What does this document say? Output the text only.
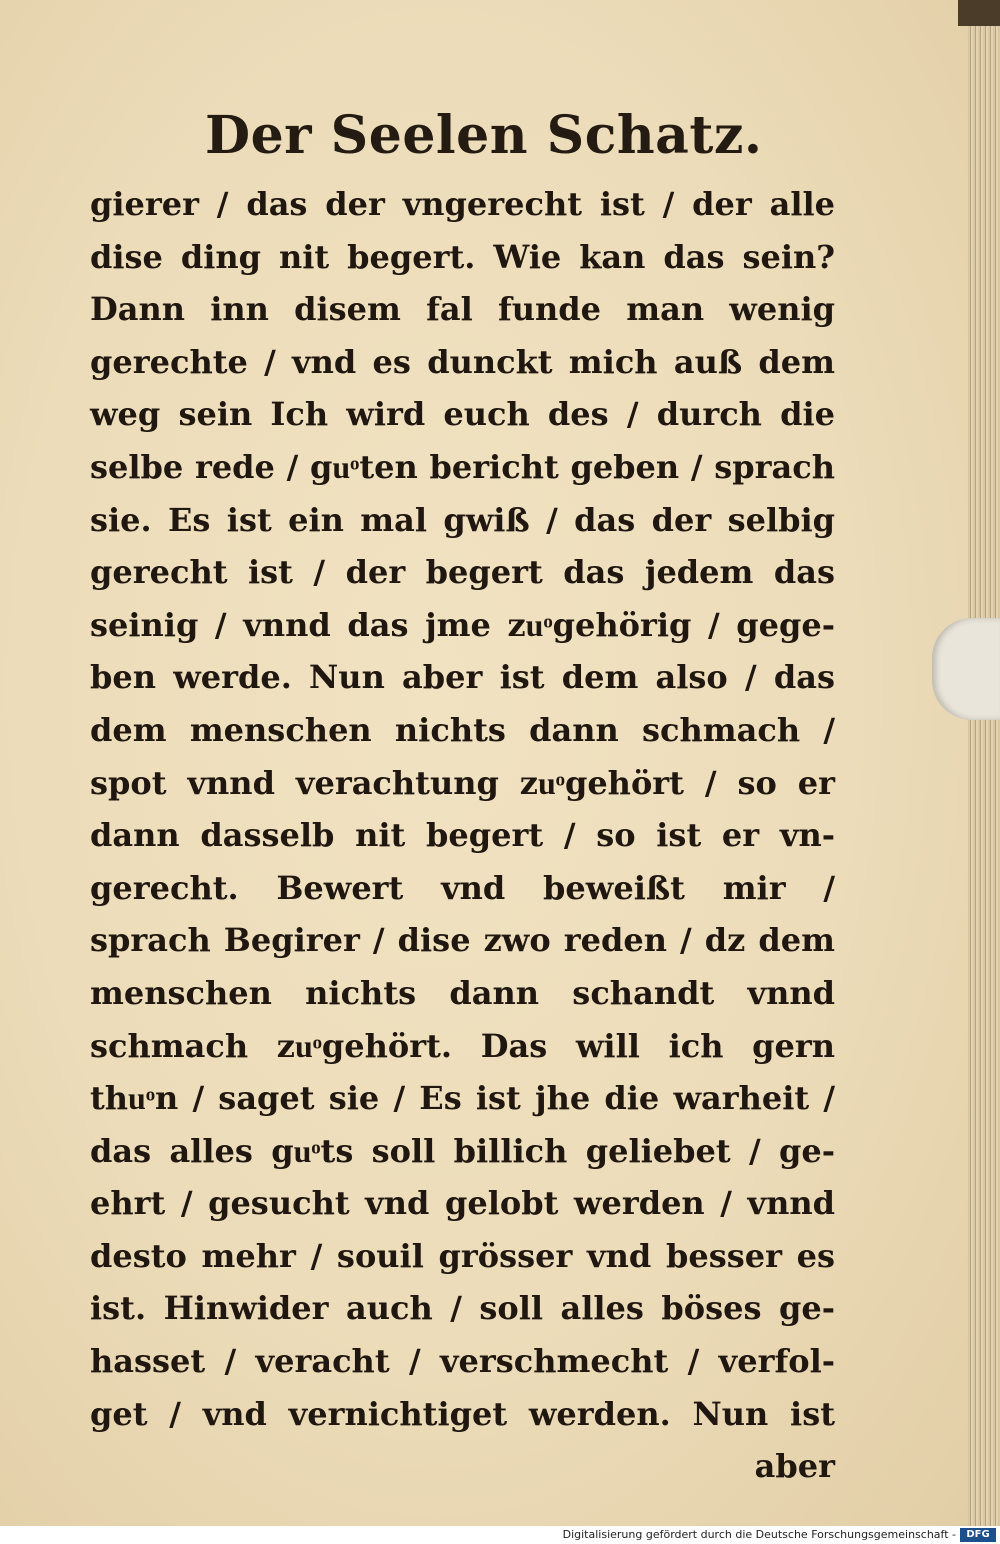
Der Seelen Schatz.
gierer / das der vngerecht ist / der alle
dise ding nit begert. Wie kan das sein?
Dann inn disem fal funde man wenig
gerechte / vnd es dunckt mich auß dem
weg sein Ich wird euch des / durch die
selbe rede / guͦten bericht geben / sprach
sie. Es ist ein mal gwiß / das der selbig
gerecht ist / der begert das jedem das
seinig / vnnd das jme zuͦgehörig / gege-
ben werde. Nun aber ist dem also / das
dem menschen nichts dann schmach /
spot vnnd verachtung zuͦgehört / so er
dann dasselb nit begert / so ist er vn-
gerecht. Bewert vnd beweißt mir /
sprach Begirer / dise zwo reden / dz dem
menschen nichts dann schandt vnnd
schmach zuͦgehört. Das will ich gern
thuͦn / saget sie / Es ist jhe die warheit /
das alles guͦts soll billich geliebet / ge-
ehrt / gesucht vnd gelobt werden / vnnd
desto mehr / souil grösser vnd besser es
ist. Hinwider auch / soll alles böses ge-
hasset / veracht / verschmecht / verfol-
get / vnd vernichtiget werden. Nun ist
aber
Digitalisierung gefördert durch die Deutsche Forschungsgemeinschaft -	DFG
